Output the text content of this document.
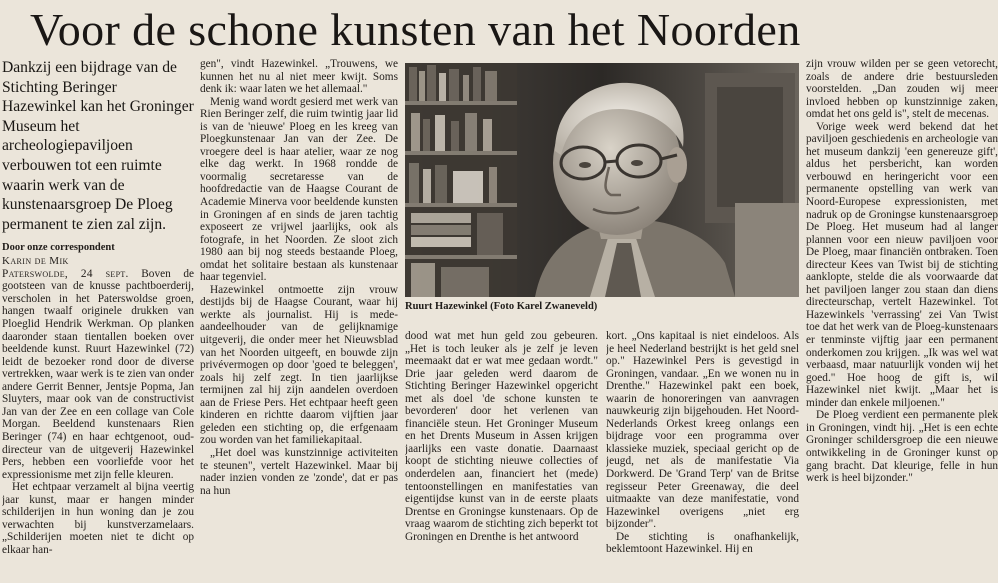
Voor de schone kunsten van het Noorden
Dankzij een bijdrage van de Stichting Beringer Hazewinkel kan het Groninger Museum het archeologiepaviljoen verbouwen tot een ruimte waarin werk van de kunstenaarsgroep De Ploeg permanent te zien zal zijn.
Door onze correspondent
Karin de Mik

Paterswolde, 24 sept. Boven de gootsteen van de knusse pachtboerderij, verscholen in het Paterswoldse groen, hangen twaalf originele drukken van Ploeglid Hendrik Werkman. Op planken daaronder staan tientallen boeken over beeldende kunst. Ruurt Hazewinkel (72) leidt de bezoeker rond door de diverse vertrekken, waar werk is te zien van onder andere Gerrit Benner, Jentsje Popma, Jan Sluyters, maar ook van de constructivist Jan van der Zee en een collage van Cole Morgan. Beeldend kunstenaars Rien Beringer (74) en haar echtgenoot, oud-directeur van de uitgeverij Hazewinkel Pers, hebben een voorliefde voor het expressionisme met zijn felle kleuren.

Het echtpaar verzamelt al bijna veertig jaar kunst, maar er hangen minder schilderijen in hun woning dan je zou verwachten bij kunstverzamelaars. „Schilderijen moeten niet te dicht op elkaar han-

gen", vindt Hazewinkel. „Trouwens, we kunnen het nu al niet meer kwijt. Soms denk ik: waar laten we het allemaal."

Menig wand wordt gesierd met werk van Rien Beringer zelf, die ruim twintig jaar lid is van de 'nieuwe' Ploeg en les kreeg van Ploegkunstenaar Jan van der Zee. De vroegere deel is haar atelier, waar ze nog elke dag werkt. In 1968 rondde de voormalig secretaresse van de hoofdredactie van de Haagse Courant de Academie Minerva voor beeldende kunsten in Groningen af en sinds de jaren tachtig exposeert ze vrijwel jaarlijks, ook als fotografe, in het Noorden. Ze sloot zich 1980 aan bij nog steeds bestaande Ploeg, omdat het solitaire bestaan als kunstenaar haar tegenviel.

Hazewinkel ontmoette zijn vrouw destijds bij de Haagse Courant, waar hij werkte als journalist. Hij is mede-aandeelhouder van de gelijknamige uitgeverij, die onder meer het Nieuwsblad van het Noorden uitgeeft, en bouwde zijn privévermogen op door 'goed te beleggen', zoals hij zelf zegt. In tien jaarlijkse termijnen zal hij zijn aandelen overdoen aan de Friese Pers. Het echtpaar heeft geen kinderen en richtte daarom vijftien jaar geleden een stichting op, die erfgenaam zou worden van het familiekapitaal.

„Het doel was kunstzinnige activiteiten te steunen", vertelt Hazewinkel. Maar bij nader inzien vonden ze 'zonde', dat er pas na hun

Ruurt Hazewinkel (Foto Karel Zwaneveld)

dood wat met hun geld zou gebeuren. „Het is toch leuker als je zelf je leven meemaakt dat er wat mee gedaan wordt." Drie jaar geleden werd daarom de Stichting Beringer Hazewinkel opgericht met als doel 'de schone kunsten te bevorderen' door het verlenen van financiële steun. Het Groninger Museum en het Drents Museum in Assen krijgen jaarlijks een vaste donatie. Daarnaast koopt de stichting nieuwe collecties of onderdelen aan, financiert het (mede) tentoonstellingen en manifestaties van eigentijdse kunst van in de eerste plaats Drentse en Groningse kunstenaars. Op de vraag waarom de stichting zich beperkt tot Groningen en Drenthe is het antwoord

kort. „Ons kapitaal is niet eindeloos. Als je heel Nederland bestrijkt is het geld snel op." Hazewinkel Pers is gevestigd in Groningen, vandaar. „En we wonen nu in Drenthe." Hazewinkel pakt een boek, waarin de honoreringen van aanvragen nauwkeurig zijn bijgehouden. Het Noord-Nederlands Orkest kreeg onlangs een bijdrage voor een programma over klassieke muziek, speciaal gericht op de jeugd, net als de manifestatie Via Dorkwerd. De 'Grand Terp' van de Britse regisseur Peter Greenaway, die deel uitmaakte van deze manifestatie, vond Hazewinkel overigens „niet erg bijzonder".

De stichting is onafhankelijk, beklemtoont Hazewinkel. Hij en

zijn vrouw wilden per se geen vetorecht, zoals de andere drie bestuursleden voorstelden. „Dan zouden wij meer invloed hebben op kunstzinnige zaken, omdat het ons geld is", stelt de mecenas.

Vorige week werd bekend dat het paviljoen geschiedenis en archeologie van het museum dankzij 'een genereuze gift', aldus het persbericht, kan worden verbouwd en heringericht voor een permanente opstelling van werk van Noord-Europese expressionisten, met nadruk op de Groningse kunstenaarsgroep De Ploeg. Het museum had al langer plannen voor een nieuw paviljoen voor De Ploeg, maar financiën ontbraken. Toen directeur Kees van Twist bij de stichting aanklopte, stelde die als voorwaarde dat het paviljoen langer zou staan dan diens directeurschap, vertelt Hazewinkel. Tot Hazewinkels 'verrassing' zei Van Twist toe dat het werk van de Ploeg-kunstenaars er tenminste vijftig jaar een permanent onderkomen zou krijgen. „Ik was wel wat verbaasd, maar natuurlijk vonden wij het goed." Hoe hoog de gift is, wil Hazewinkel niet kwijt. „Maar het is minder dan enkele miljoenen."

De Ploeg verdient een permanente plek in Groningen, vindt hij. „Het is een echte Groninger schildersgroep die een nieuwe ontwikkeling in de Groninger kunst op gang bracht. Dat kleurige, felle in hun werk is heel bijzonder."
